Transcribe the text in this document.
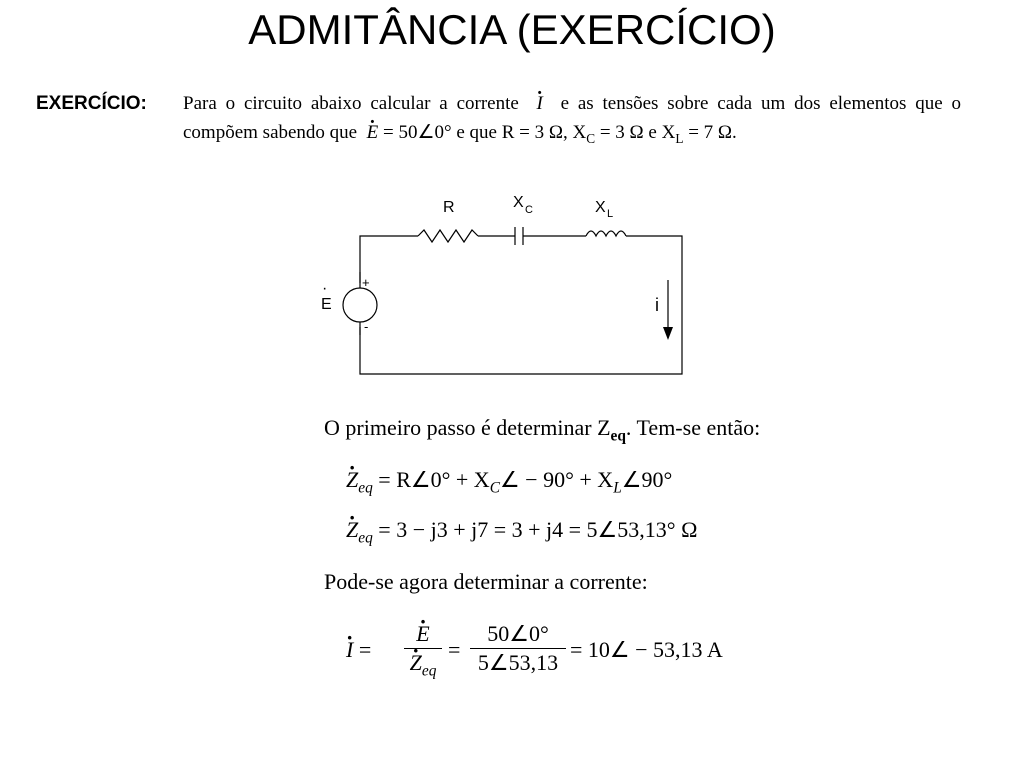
ADMITÂNCIA (EXERCÍCIO)
EXERCÍCIO: Para o circuito abaixo calcular a corrente · I e as tensões sobre cada um dos elementos que o compõem sabendo que · E = 50∠0° e que R = 3 Ω, $X_C = 3$ Ω e $X_L = 7$ Ω.
R	X C	X L
E
·	+
-
i
O primeiro passo é determinar $Z_{eq}$. Tem-se então:
· $Z_{eq}$ = R∠0° + $X_C\angle - 90^\circ$ + $X_L\angle 90^\circ$
· $Z_{eq} = 3 - j3 + j7 = 3 + j4$ = 5∠53,13° Ω
Pode-se agora determinar a corrente:
· I =
· E
· $Z_{eq}$
= $\frac{50\angle 0^\circ}{5\angle 53,13}$ = 10∠ − 53,13 A
